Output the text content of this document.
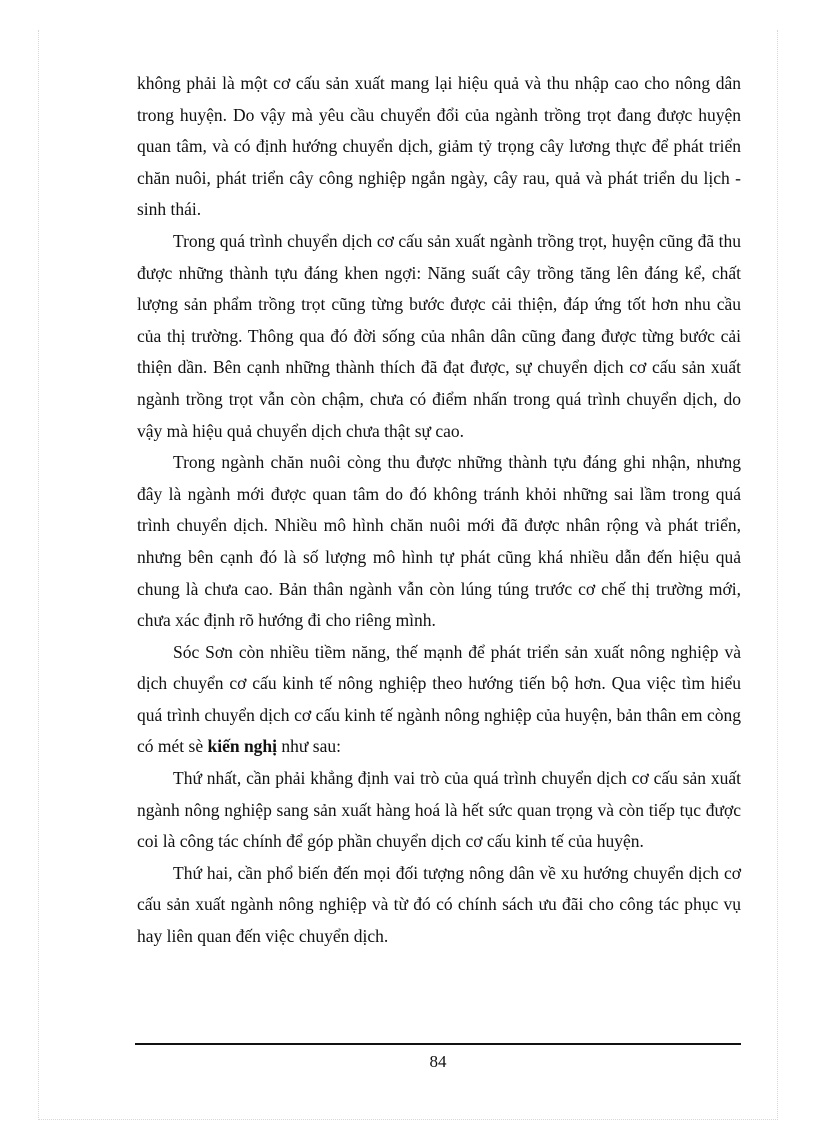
không phải là một cơ cấu sản xuất mang lại hiệu quả và thu nhập cao cho nông dân trong huyện. Do vậy mà yêu cầu chuyển đổi của ngành trồng trọt đang được huyện quan tâm, và có định hướng chuyển dịch, giảm tỷ trọng cây lương thực để phát triển chăn nuôi, phát triển cây công nghiệp ngắn ngày, cây rau, quả và phát triển du lịch - sinh thái.

Trong quá trình chuyển dịch cơ cấu sản xuất ngành trồng trọt, huyện cũng đã thu được những thành tựu đáng khen ngợi: Năng suất cây trồng tăng lên đáng kể, chất lượng sản phẩm trồng trọt cũng từng bước được cải thiện, đáp ứng tốt hơn nhu cầu của thị trường. Thông qua đó đời sống của nhân dân cũng đang được từng bước cải thiện dần. Bên cạnh những thành thích đã đạt được, sự chuyển dịch cơ cấu sản xuất ngành trồng trọt vẫn còn chậm, chưa có điểm nhấn trong quá trình chuyển dịch, do vậy mà hiệu quả chuyển dịch chưa thật sự cao.

Trong ngành chăn nuôi còng thu được những thành tựu đáng ghi nhận, nhưng đây là ngành mới được quan tâm do đó không tránh khỏi những sai lầm trong quá trình chuyển dịch. Nhiều mô hình chăn nuôi mới đã được nhân rộng và phát triển, nhưng bên cạnh đó là số lượng mô hình tự phát cũng khá nhiều dẫn đến hiệu quả chung là chưa cao. Bản thân ngành vẫn còn lúng túng trước cơ chế thị trường mới, chưa xác định rõ hướng đi cho riêng mình.

Sóc Sơn còn nhiều tiềm năng, thế mạnh để phát triển sản xuất nông nghiệp và dịch chuyển cơ cấu kinh tế nông nghiệp theo hướng tiến bộ hơn. Qua việc tìm hiểu quá trình chuyển dịch cơ cấu kinh tế ngành nông nghiệp của huyện, bản thân em còng có mét sè kiến nghị như sau:

Thứ nhất, cần phải khẳng định vai trò của quá trình chuyển dịch cơ cấu sản xuất ngành nông nghiệp sang sản xuất hàng hoá là hết sức quan trọng và còn tiếp tục được coi là công tác chính để góp phần chuyển dịch cơ cấu kinh tế của huyện.

Thứ hai, cần phổ biến đến mọi đối tượng nông dân về xu hướng chuyển dịch cơ cấu sản xuất ngành nông nghiệp và từ đó có chính sách ưu đãi cho công tác phục vụ hay liên quan đến việc chuyển dịch.

84
